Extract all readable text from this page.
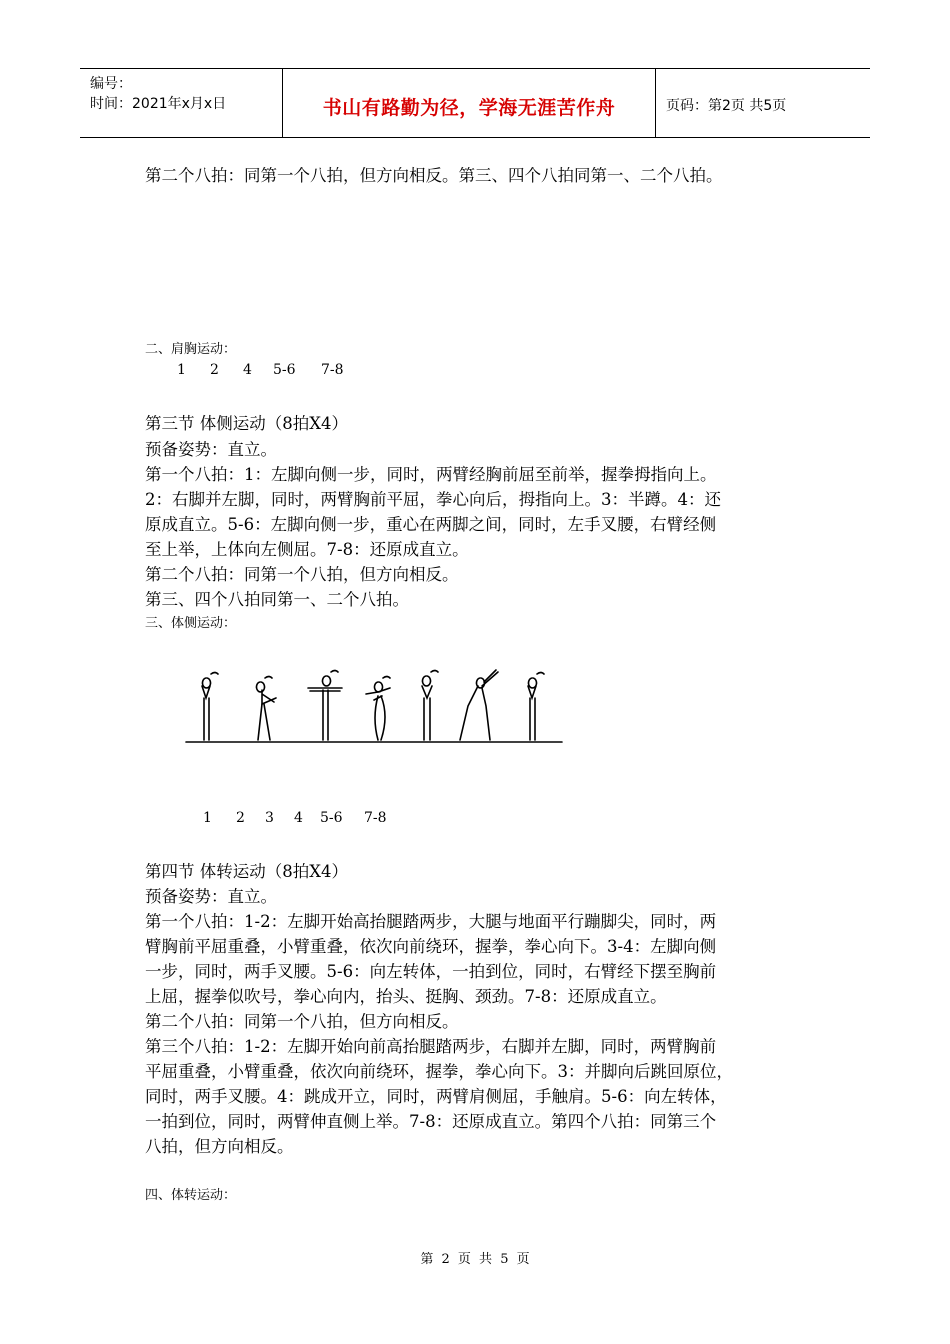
编号：
时间：2021年x月x日	书山有路勤为径，学海无涯苦作舟	页码：第2页 共5页
第二个八拍：同第一个八拍，但方向相反。第三、四个八拍同第一、二个八拍。
二、肩胸运动：
1 2 4 5-6 7-8
第三节 体侧运动（8拍X4）
预备姿势：直立。
第一个八拍：1：左脚向侧一步，同时，两臂经胸前屈至前举，握拳拇指向上。
2：右脚并左脚，同时，两臂胸前平屈，拳心向后，拇指向上。3：半蹲。4：还
原成直立。5-6：左脚向侧一步，重心在两脚之间，同时，左手叉腰，右臂经侧
至上举，上体向左侧屈。7-8：还原成直立。
第二个八拍：同第一个八拍，但方向相反。
第三、四个八拍同第一、二个八拍。
三、体侧运动：
1 2 3 4 5-6 7-8
第四节 体转运动（8拍X4）
预备姿势：直立。
第一个八拍：1-2：左脚开始高抬腿踏两步，大腿与地面平行蹦脚尖，同时，两
臂胸前平屈重叠，小臂重叠，依次向前绕环，握拳，拳心向下。3-4：左脚向侧
一步，同时，两手叉腰。5-6：向左转体，一拍到位，同时，右臂经下摆至胸前
上屈，握拳似吹号，拳心向内，抬头、挺胸、颈劲。7-8：还原成直立。
第二个八拍：同第一个八拍，但方向相反。
第三个八拍：1-2：左脚开始向前高抬腿踏两步，右脚并左脚，同时，两臂胸前
平屈重叠，小臂重叠，依次向前绕环，握拳，拳心向下。3：并脚向后跳回原位，
同时，两手叉腰。4：跳成开立，同时，两臂肩侧屈，手触肩。5-6：向左转体，
一拍到位，同时，两臂伸直侧上举。7-8：还原成直立。第四个八拍：同第三个
八拍，但方向相反。
四、体转运动：
第 2 页 共 5 页
